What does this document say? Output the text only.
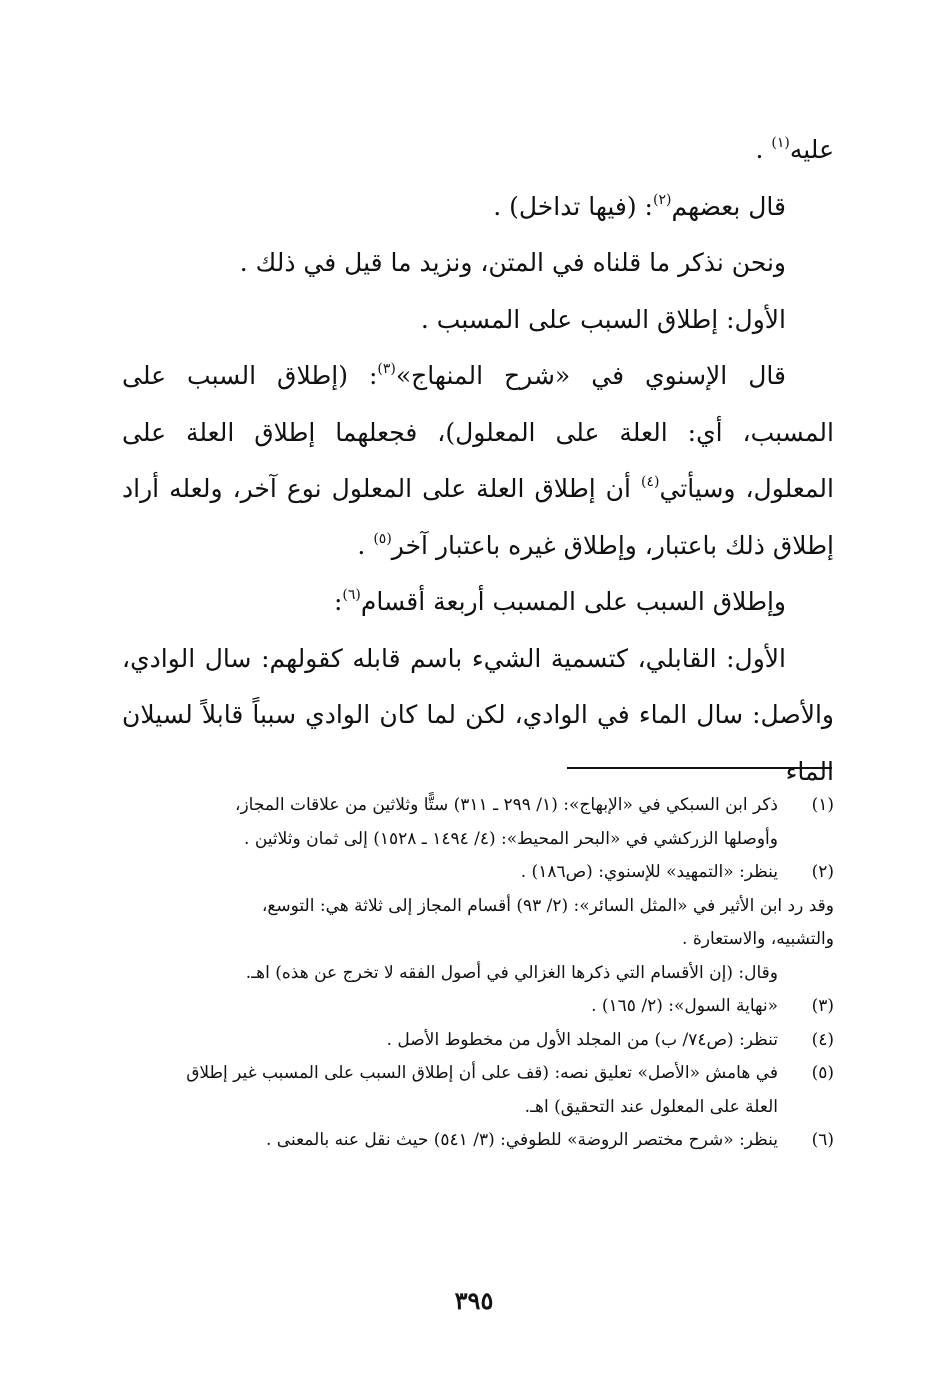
عليه$^{(١)}$ .

قال بعضهم$^{(٢)}$: (فيها تداخل) .

ونحن نذكر ما قلناه في المتن، ونزيد ما قيل في ذلك .

الأول: إطلاق السبب على المسبب .

قال الإسنوي في «شرح المنهاج»$^{(٣)}$: (إطلاق السبب على المسبب، أي: العلة على المعلول)، فجعلهما إطلاق العلة على المعلول، وسيأتي$^{(٤)}$ أن إطلاق العلة على المعلول نوع آخر، ولعله أراد إطلاق ذلك باعتبار، وإطلاق غيره باعتبار آخر$^{(٥)}$ .

وإطلاق السبب على المسبب أربعة أقسام$^{(٦)}$:

الأول: القابلي، كتسمية الشيء باسم قابله كقولهم: سال الوادي، والأصل: سال الماء في الوادي، لكن لما كان الوادي سبباً قابلاً لسيلان الماء

(١)
ذكر ابن السبكي في «الإبهاج»: (١/ ٢٩٩ ـ ٣١١) ستًّا وثلاثين من علاقات المجاز،
وأوصلها الزركشي في «البحر المحيط»: (٤/ ١٤٩٤ ـ ١٥٢٨) إلى ثمان وثلاثين .
(٢)
ينظر: «التمهيد» للإسنوي: (ص١٨٦) .
وقد رد ابن الأثير في «المثل السائر»: (٢/ ٩٣) أقسام المجاز إلى ثلاثة هي: التوسع،
والتشبيه، والاستعارة .
وقال: (إن الأقسام التي ذكرها الغزالي في أصول الفقه لا تخرج عن هذه) اهـ.
(٣)
«نهاية السول»: (٢/ ١٦٥) .
(٤)
تنظر: (ص٧٤/ ب) من المجلد الأول من مخطوط الأصل .
(٥)
في هامش «الأصل» تعليق نصه: (قف على أن إطلاق السبب على المسبب غير إطلاق
العلة على المعلول عند التحقيق) اهـ.
(٦)
ينظر: «شرح مختصر الروضة» للطوفي: (٣/ ٥٤١) حيث نقل عنه بالمعنى .
٣٩٥
